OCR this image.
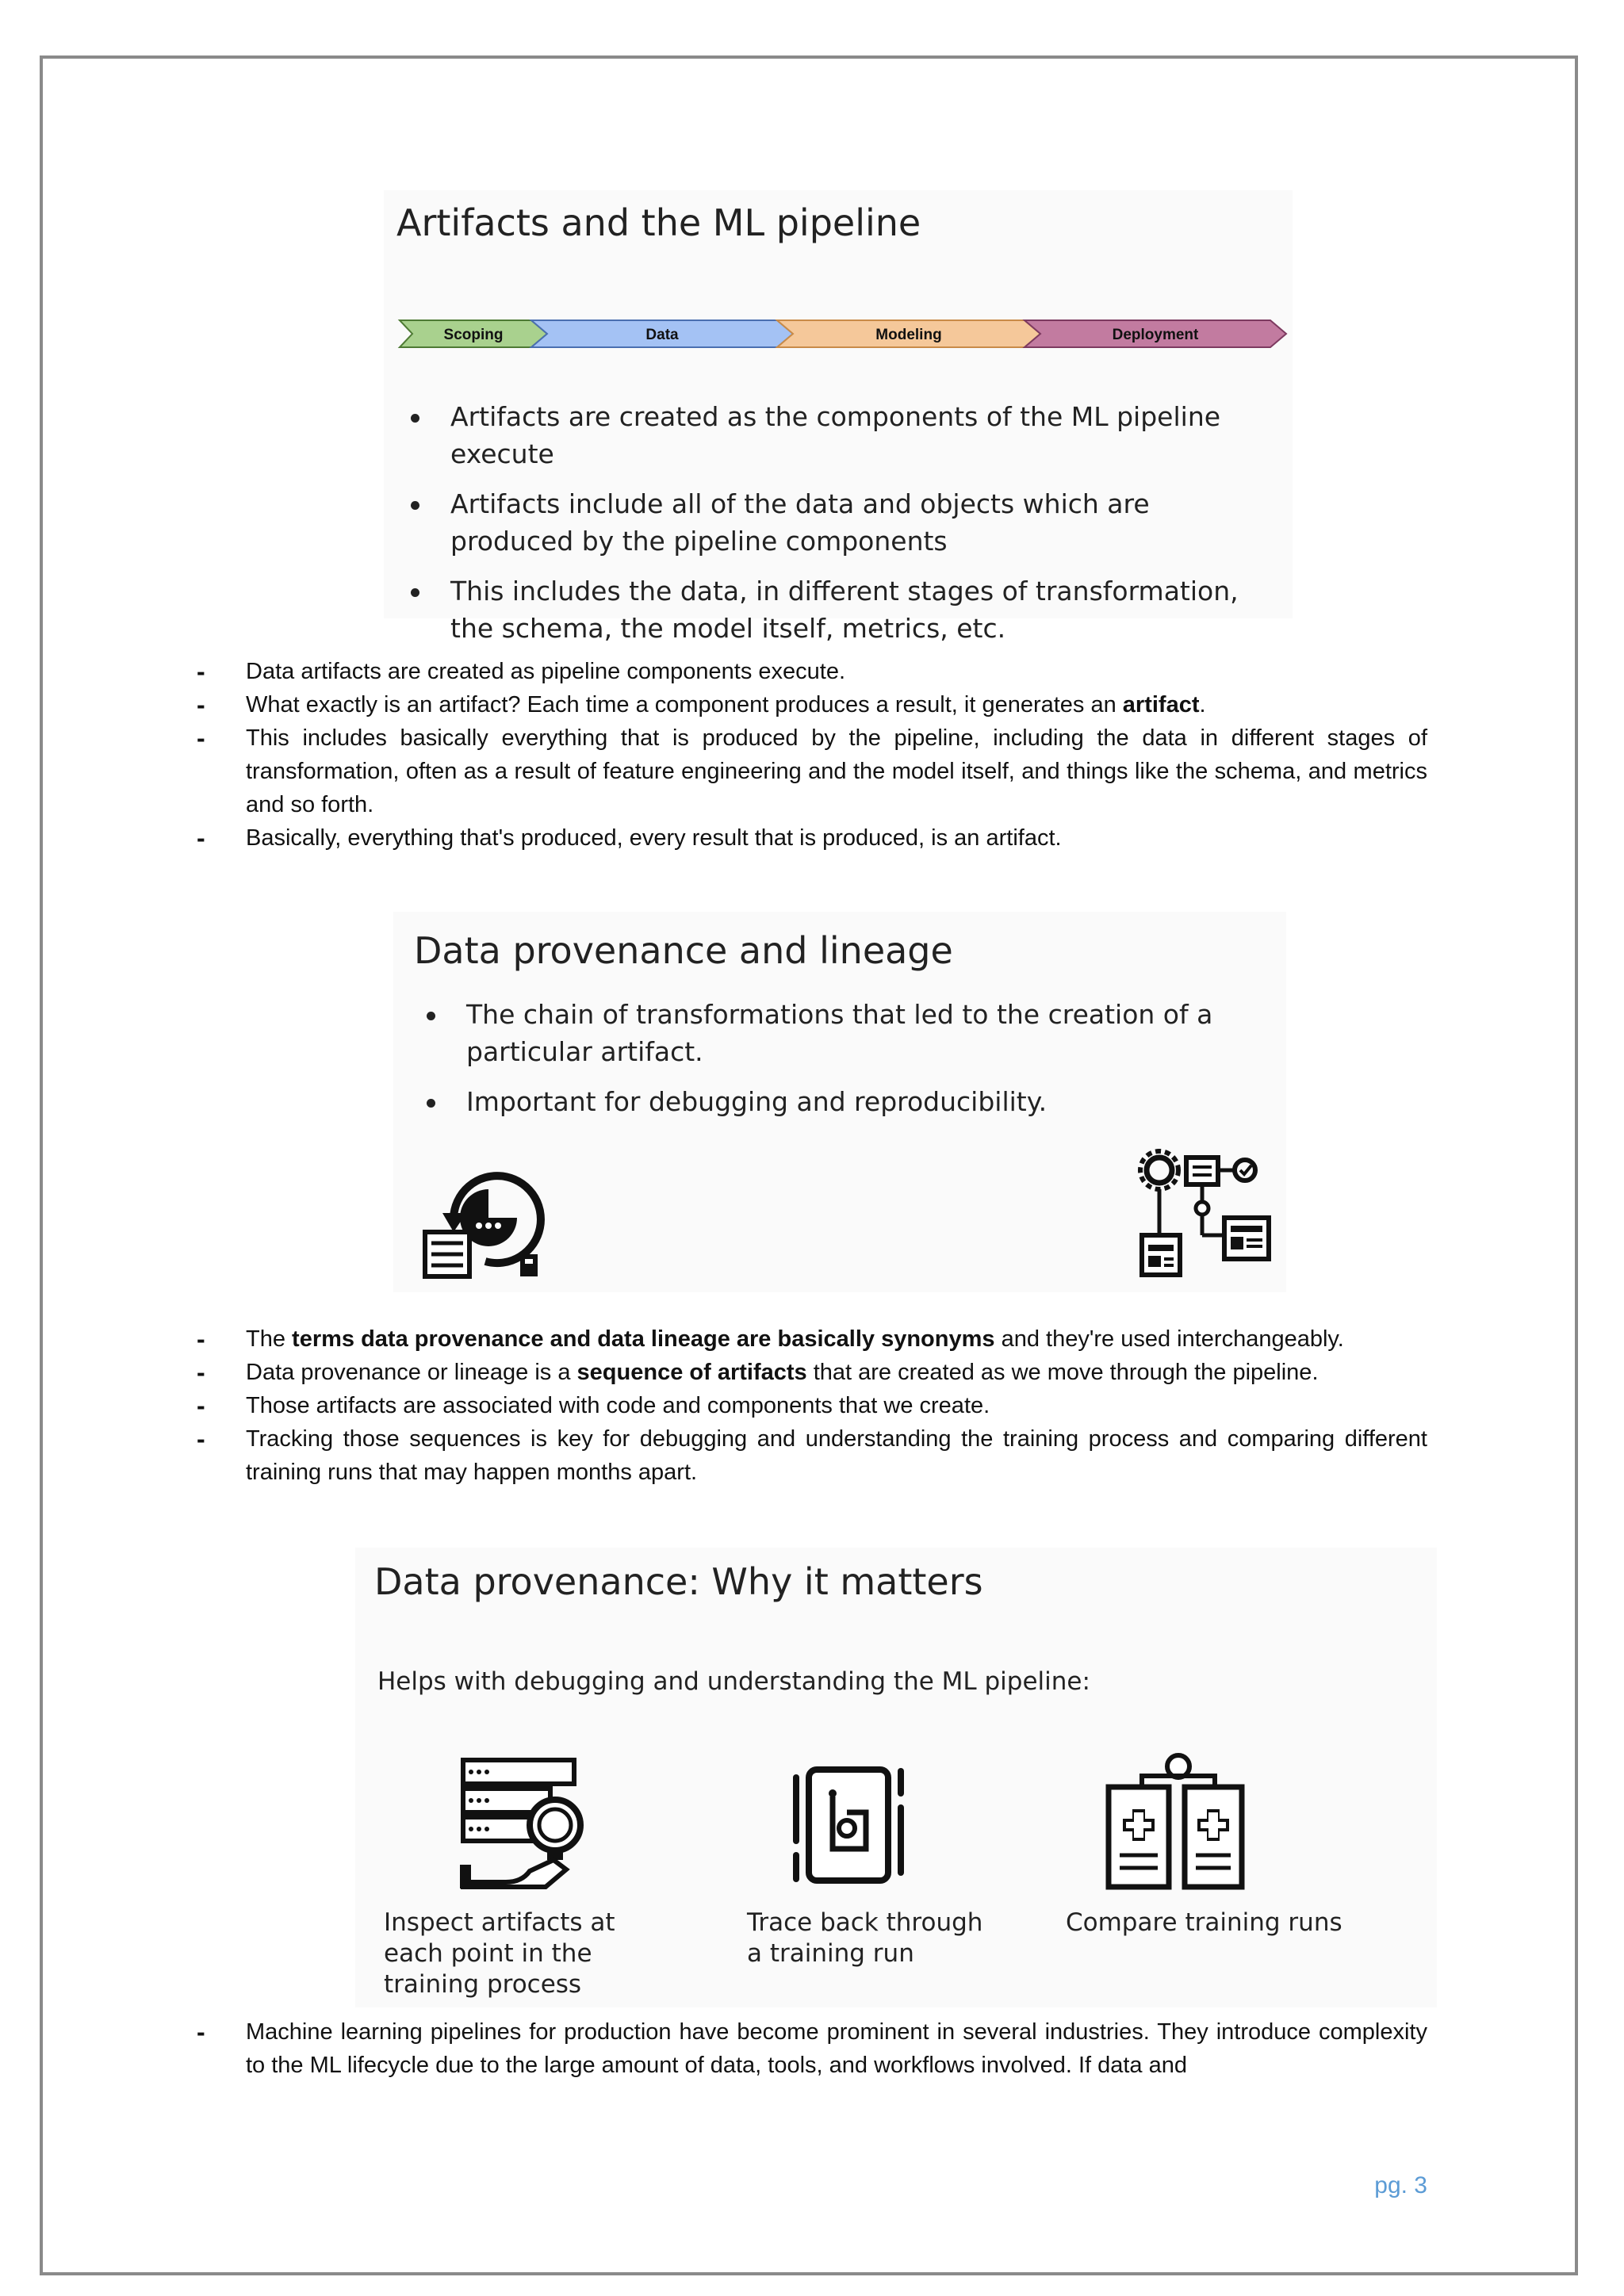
Artifacts and the ML pipeline
Scoping	Data	Modeling	Deployment
Artifacts are created as the components of the ML pipeline execute
Artifacts include all of the data and objects which are produced by the pipeline components
This includes the data, in different stages of transformation, the schema, the model itself, metrics, etc.
- Data artifacts are created as pipeline components execute.
- What exactly is an artifact? Each time a component produces a result, it generates an artifact.
- This includes basically everything that is produced by the pipeline, including the data in different stages of transformation, often as a result of feature engineering and the model itself, and things like the schema, and metrics and so forth.
- Basically, everything that's produced, every result that is produced, is an artifact.
Data provenance and lineage
The chain of transformations that led to the creation of a particular artifact.
Important for debugging and reproducibility.
- The terms data provenance and data lineage are basically synonyms and they're used interchangeably.
- Data provenance or lineage is a sequence of artifacts that are created as we move through the pipeline.
- Those artifacts are associated with code and components that we create.
- Tracking those sequences is key for debugging and understanding the training process and comparing different training runs that may happen months apart.
Data provenance: Why it matters
Helps with debugging and understanding the ML pipeline:
Inspect artifacts at each point in the training process
Trace back through a training run
Compare training runs
- Machine learning pipelines for production have become prominent in several industries. They introduce complexity to the ML lifecycle due to the large amount of data, tools, and workflows involved. If data and
pg. 3
